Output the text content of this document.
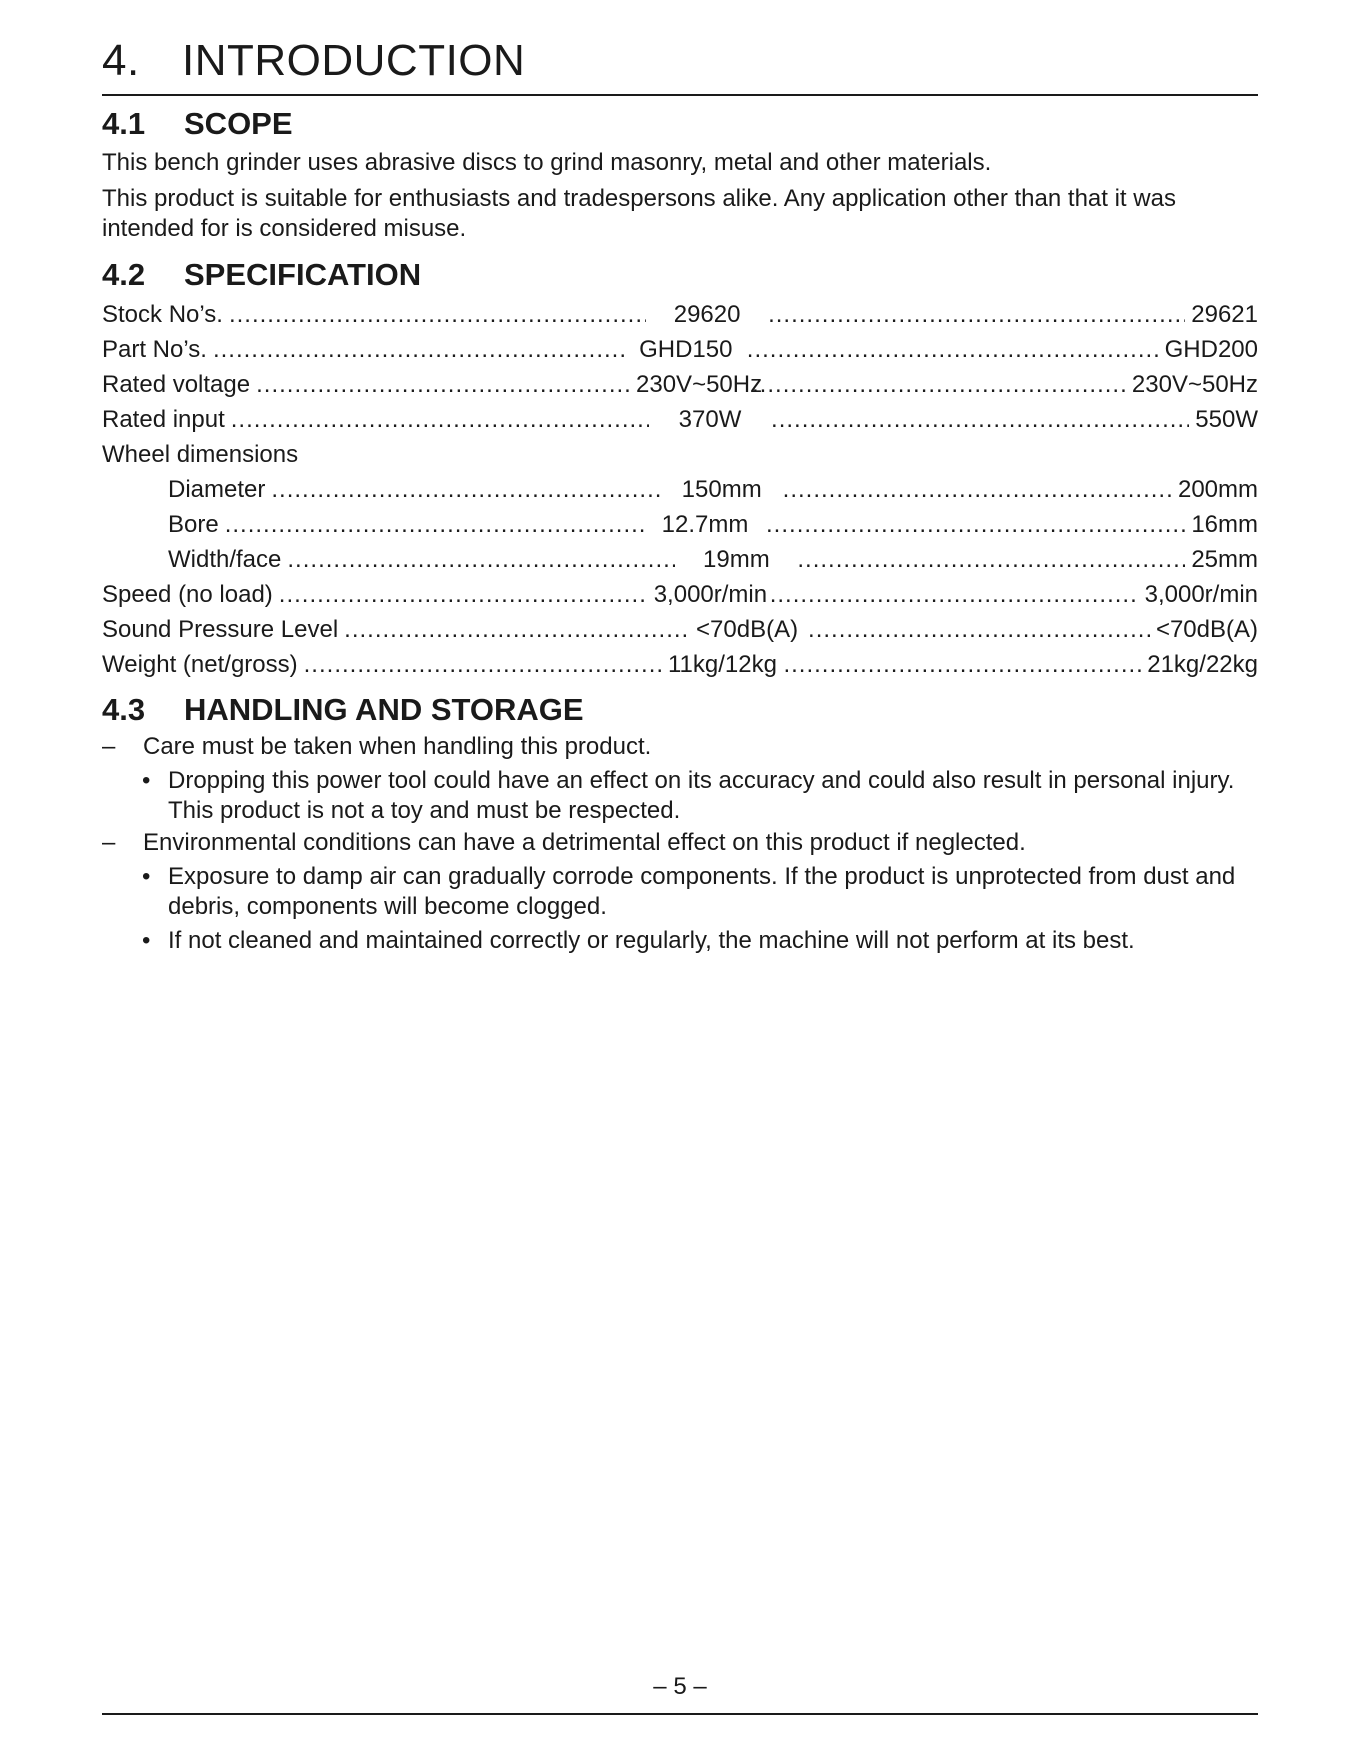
4. INTRODUCTION
4.1 SCOPE

This bench grinder uses abrasive discs to grind masonry, metal and other materials.

This product is suitable for enthusiasts and tradespersons alike. Any application other than that it was intended for is considered misuse.

4.2 SPECIFICATION
Stock No’s. .....	29620 .....	29621
Part No’s. .....	GHD150 .....	GHD200
Rated voltage .....	230V~50Hz .....	230V~50Hz
Rated input .....	370W .....	550W
Wheel dimensions
Diameter .....	150mm .....	200mm
Bore .....	12.7mm .....	16mm
Width/face .....	19mm .....	25mm
Speed (no load) .....	3,000r/min .....	3,000r/min
Sound Pressure Level .....	<70dB(A) .....	<70dB(A)
Weight (net/gross) .....	11kg/12kg .....	21kg/22kg
4.3 HANDLING AND STORAGE
– Care must be taken when handling this product.
• Dropping this power tool could have an effect on its accuracy and could also result in personal injury. This product is not a toy and must be respected.
– Environmental conditions can have a detrimental effect on this product if neglected.
• Exposure to damp air can gradually corrode components. If the product is unprotected from dust and debris, components will become clogged.
• If not cleaned and maintained correctly or regularly, the machine will not perform at its best.
– 5 –
